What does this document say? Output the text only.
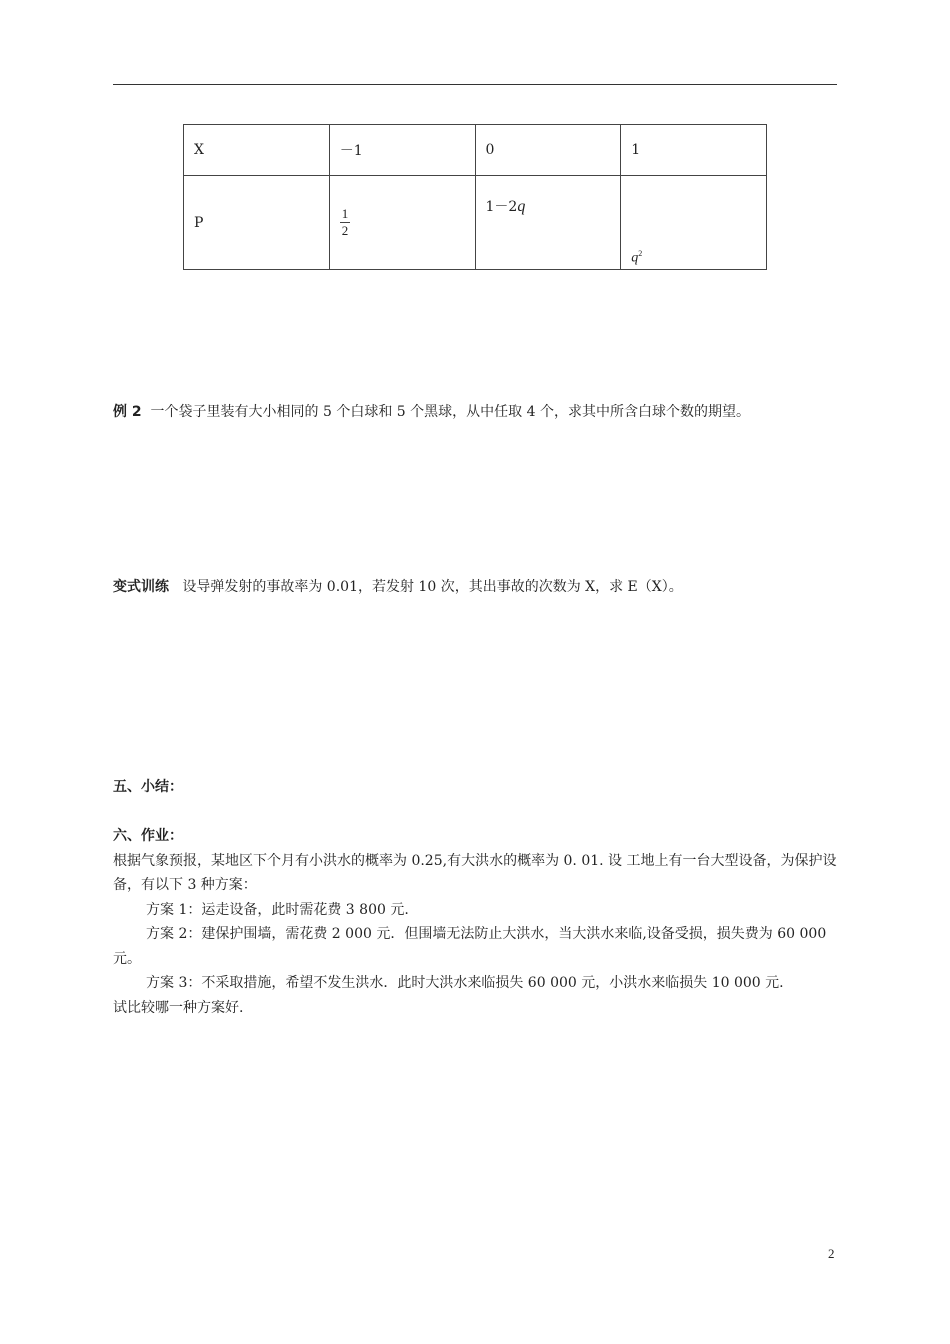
X	－1	0	1
P	$\frac{1}{2}$	1－2q	$q^2$
例 2 一个袋子里装有大小相同的 5 个白球和 5 个黑球，从中任取 4 个，求其中所含白球个数的期望。
变式训练 设导弹发射的事故率为 0.01，若发射 10 次，其出事故的次数为 X，求 E（X）。
五、小结：

六、作业：

根据气象预报，某地区下个月有小洪水的概率为 0.25,有大洪水的概率为 0. 01. 设 工地上有一台大型设备，为保护设备，有以下 3 种方案：

方案 1：运走设备，此时需花费 3 800 元.

方案 2：建保护围墙，需花费 2 000 元．但围墙无法防止大洪水，当大洪水来临,设备受损，损失费为 60 000 元。

方案 3：不采取措施，希望不发生洪水．此时大洪水来临损失 60 000 元，小洪水来临损失 10 000 元.

试比较哪一种方案好.

2
